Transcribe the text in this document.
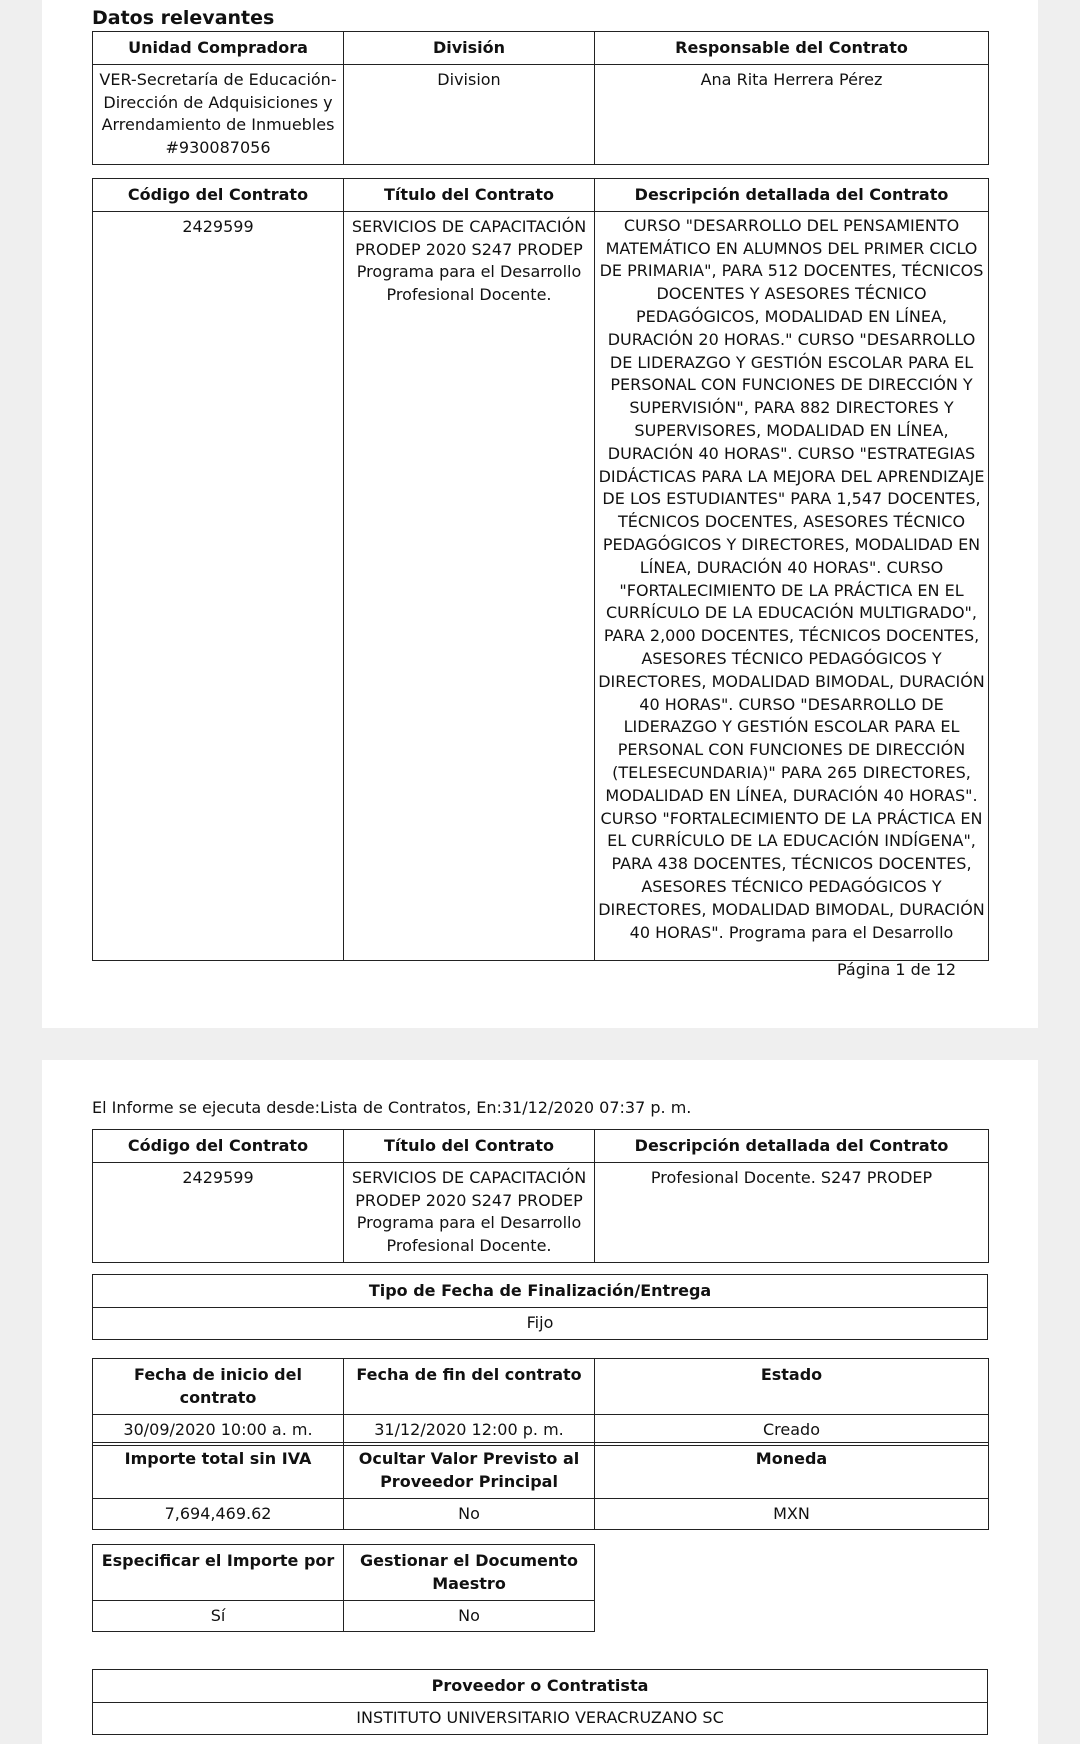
Datos relevantes
Unidad Compradora	División	Responsable del Contrato
VER-Secretaría de Educación-Dirección de Adquisiciones y Arrendamiento de Inmuebles #930087056	Division	Ana Rita Herrera Pérez
Código del Contrato	Título del Contrato	Descripción detallada del Contrato
2429599	SERVICIOS DE CAPACITACIÓN PRODEP 2020 S247 PRODEP Programa para el Desarrollo Profesional Docente.	CURSO "DESARROLLO DEL PENSAMIENTO MATEMÁTICO EN ALUMNOS DEL PRIMER CICLO DE PRIMARIA", PARA 512 DOCENTES, TÉCNICOS DOCENTES Y ASESORES TÉCNICO PEDAGÓGICOS, MODALIDAD EN LÍNEA, DURACIÓN 20 HORAS." CURSO "DESARROLLO DE LIDERAZGO Y GESTIÓN ESCOLAR PARA EL PERSONAL CON FUNCIONES DE DIRECCIÓN Y SUPERVISIÓN", PARA 882 DIRECTORES Y SUPERVISORES, MODALIDAD EN LÍNEA, DURACIÓN 40 HORAS". CURSO "ESTRATEGIAS DIDÁCTICAS PARA LA MEJORA DEL APRENDIZAJE DE LOS ESTUDIANTES" PARA 1,547 DOCENTES, TÉCNICOS DOCENTES, ASESORES TÉCNICO PEDAGÓGICOS Y DIRECTORES, MODALIDAD EN LÍNEA, DURACIÓN 40 HORAS". CURSO "FORTALECIMIENTO DE LA PRÁCTICA EN EL CURRÍCULO DE LA EDUCACIÓN MULTIGRADO", PARA 2,000 DOCENTES, TÉCNICOS DOCENTES, ASESORES TÉCNICO PEDAGÓGICOS Y DIRECTORES, MODALIDAD BIMODAL, DURACIÓN 40 HORAS". CURSO "DESARROLLO DE LIDERAZGO Y GESTIÓN ESCOLAR PARA EL PERSONAL CON FUNCIONES DE DIRECCIÓN (TELESECUNDARIA)" PARA 265 DIRECTORES, MODALIDAD EN LÍNEA, DURACIÓN 40 HORAS". CURSO "FORTALECIMIENTO DE LA PRÁCTICA EN EL CURRÍCULO DE LA EDUCACIÓN INDÍGENA", PARA 438 DOCENTES, TÉCNICOS DOCENTES, ASESORES TÉCNICO PEDAGÓGICOS Y DIRECTORES, MODALIDAD BIMODAL, DURACIÓN 40 HORAS". Programa para el Desarrollo
Página 1 de 12
El Informe se ejecuta desde:Lista de Contratos, En:31/12/2020 07:37 p. m.
Código del Contrato	Título del Contrato	Descripción detallada del Contrato
2429599	SERVICIOS DE CAPACITACIÓN PRODEP 2020 S247 PRODEP Programa para el Desarrollo Profesional Docente.	Profesional Docente. S247 PRODEP
Tipo de Fecha de Finalización/Entrega
Fijo
Fecha de inicio del contrato	Fecha de fin del contrato	Estado
30/09/2020 10:00 a. m.	31/12/2020 12:00 p. m.	Creado
Importe total sin IVA	Ocultar Valor Previsto al Proveedor Principal	Moneda
7,694,469.62	No	MXN
Especificar el Importe por	Gestionar el Documento Maestro
Sí	No
Proveedor o Contratista
INSTITUTO UNIVERSITARIO VERACRUZANO SC
